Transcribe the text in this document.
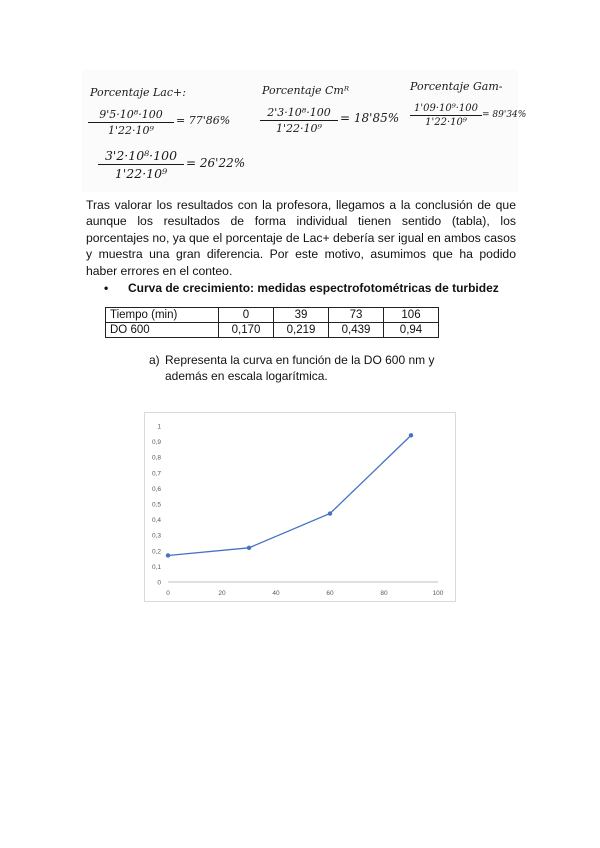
Porcentaje Lac+:
9'5·10⁸·100
1'22·10⁹
= 77'86%
Porcentaje Cmᴿ
2'3·10⁸·100
1'22·10⁹
= 18'85%
Porcentaje Gam-
1'09·10⁹·100
1'22·10⁹
= 89'34%
3'2·10⁸·100
1'22·10⁹
= 26'22%
Tras valorar los resultados con la profesora, llegamos a la conclusión de que aunque los resultados de forma individual tienen sentido (tabla), los porcentajes no, ya que el porcentaje de Lac+ debería ser igual en ambos casos y muestra una gran diferencia. Por este motivo, asumimos que ha podido haber errores en el conteo.
• Curva de crecimiento: medidas espectrofotométricas de turbidez
Tiempo (min)	0	39	73	106
DO 600	0,170	0,219	0,439	0,94
a) Representa la curva en función de la DO 600 nm y
además en escala logarítmica.
0
0,1
0,2
0,3
0,4
0,5
0,6
0,7
0,8
0,9
1
0	20	40	60	80	100
